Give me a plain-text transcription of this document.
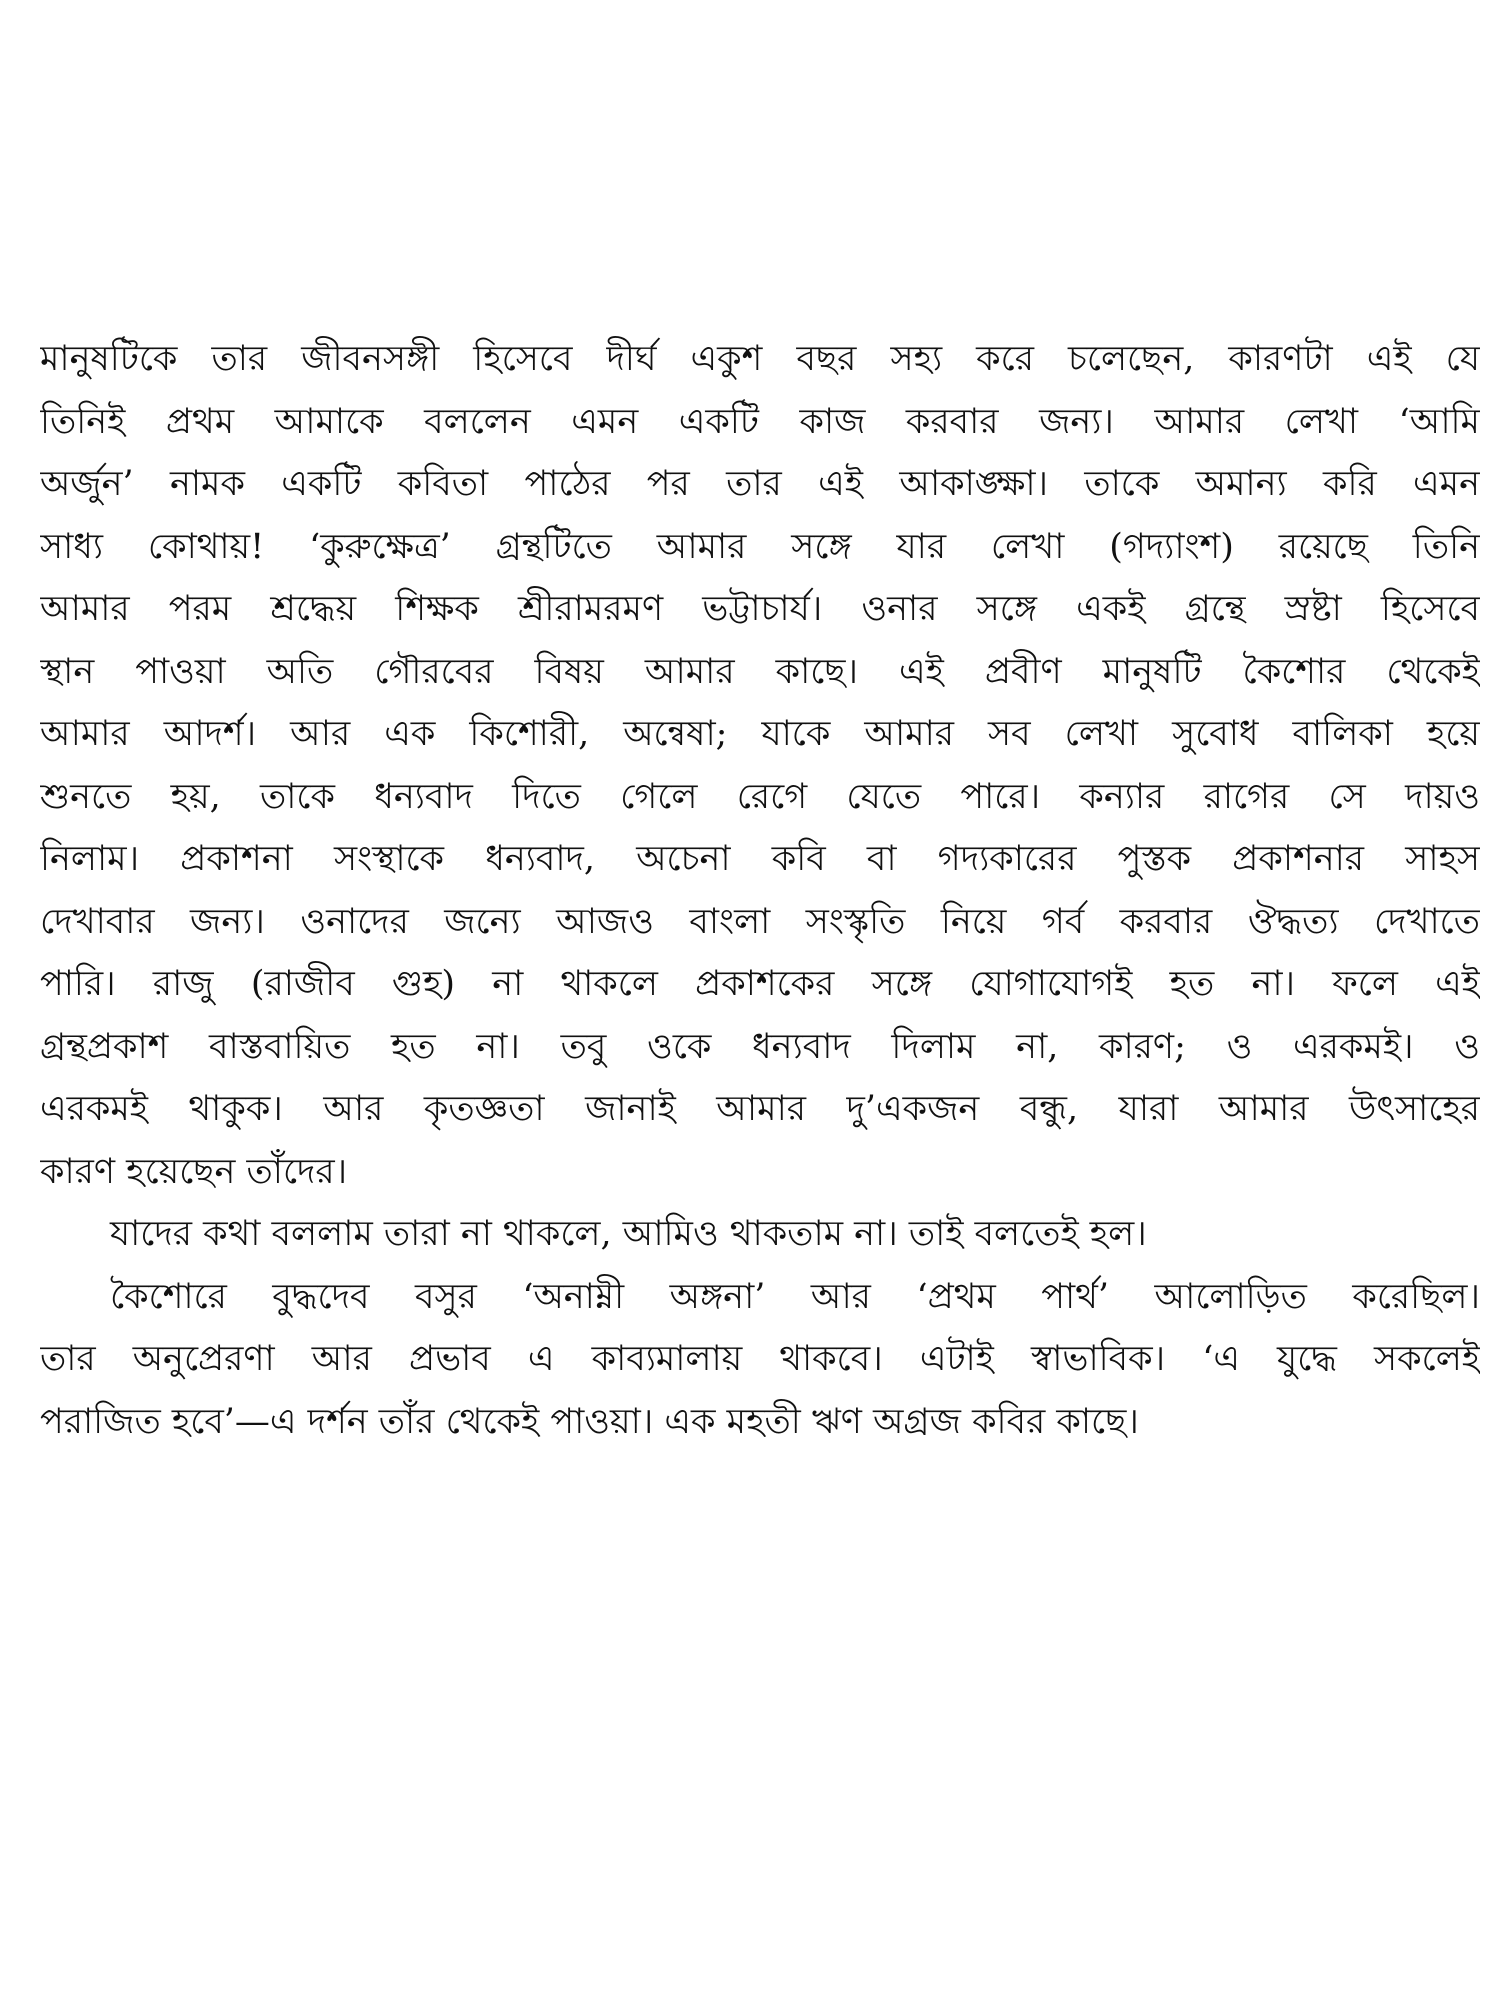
মানুষটিকে তার জীবনসঙ্গী হিসেবে দীর্ঘ একুশ বছর সহ্য করে চলেছেন, কারণটা এই যে
তিনিই প্রথম আমাকে বললেন এমন একটি কাজ করবার জন্য। আমার লেখা ‘আমি
অর্জুন’ নামক একটি কবিতা পাঠের পর তার এই আকাঙ্ক্ষা। তাকে অমান্য করি এমন
সাধ্য কোথায়! ‘কুরুক্ষেত্র’ গ্রন্থটিতে আমার সঙ্গে যার লেখা (গদ্যাংশ) রয়েছে তিনি
আমার পরম শ্রদ্ধেয় শিক্ষক শ্রীরামরমণ ভট্টাচার্য। ওনার সঙ্গে একই গ্রন্থে স্রষ্টা হিসেবে
স্থান পাওয়া অতি গৌরবের বিষয় আমার কাছে। এই প্রবীণ মানুষটি কৈশোর থেকেই
আমার আদর্শ। আর এক কিশোরী, অন্বেষা; যাকে আমার সব লেখা সুবোধ বালিকা হয়ে
শুনতে হয়, তাকে ধন্যবাদ দিতে গেলে রেগে যেতে পারে। কন্যার রাগের সে দায়ও
নিলাম। প্রকাশনা সংস্থাকে ধন্যবাদ, অচেনা কবি বা গদ্যকারের পুস্তক প্রকাশনার সাহস
দেখাবার জন্য। ওনাদের জন্যে আজও বাংলা সংস্কৃতি নিয়ে গর্ব করবার ঔদ্ধত্য দেখাতে
পারি। রাজু (রাজীব গুহ) না থাকলে প্রকাশকের সঙ্গে যোগাযোগই হত না। ফলে এই
গ্রন্থপ্রকাশ বাস্তবায়িত হত না। তবু ওকে ধন্যবাদ দিলাম না, কারণ; ও এরকমই। ও
এরকমই থাকুক। আর কৃতজ্ঞতা জানাই আমার দু’একজন বন্ধু, যারা আমার উৎসাহের
কারণ হয়েছেন তাঁদের।
যাদের কথা বললাম তারা না থাকলে, আমিও থাকতাম না। তাই বলতেই হল।
কৈশোরে বুদ্ধদেব বসুর ‘অনাম্নী অঙ্গনা’ আর ‘প্রথম পার্থ’ আলোড়িত করেছিল।
তার অনুপ্রেরণা আর প্রভাব এ কাব্যমালায় থাকবে। এটাই স্বাভাবিক। ‘এ যুদ্ধে সকলেই
পরাজিত হবে’—এ দর্শন তাঁর থেকেই পাওয়া। এক মহতী ঋণ অগ্রজ কবির কাছে।
